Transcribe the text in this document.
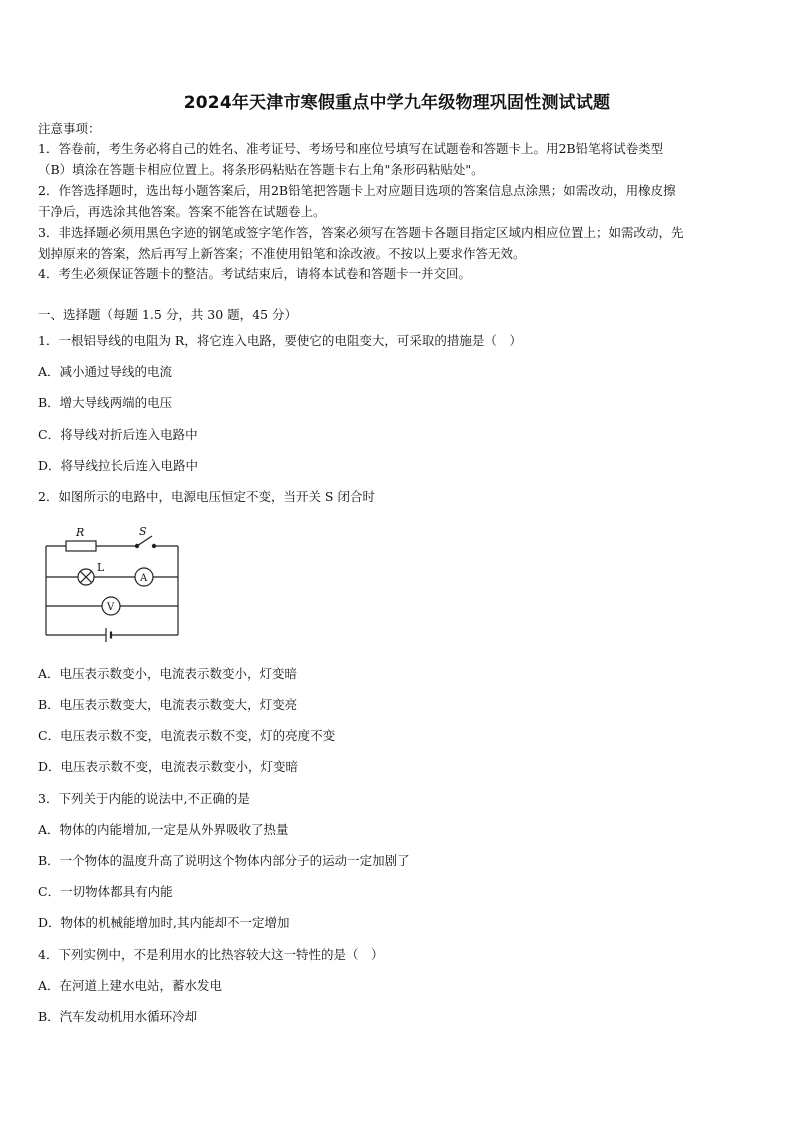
2024年天津市寒假重点中学九年级物理巩固性测试试题
注意事项：
1．答卷前，考生务必将自己的姓名、准考证号、考场号和座位号填写在试题卷和答题卡上。用2B铅笔将试卷类型
（B）填涂在答题卡相应位置上。将条形码粘贴在答题卡右上角"条形码粘贴处"。
2．作答选择题时，选出每小题答案后，用2B铅笔把答题卡上对应题目选项的答案信息点涂黑；如需改动，用橡皮擦
干净后，再选涂其他答案。答案不能答在试题卷上。
3．非选择题必须用黑色字迹的钢笔或签字笔作答，答案必须写在答题卡各题目指定区域内相应位置上；如需改动，先
划掉原来的答案，然后再写上新答案；不准使用铅笔和涂改液。不按以上要求作答无效。
4．考生必须保证答题卡的整洁。考试结束后，请将本试卷和答题卡一并交回。
一、选择题（每题 1.5 分，共 30 题，45 分）
1．一根铝导线的电阻为 R，将它连入电路，要使它的电阻变大，可采取的措施是（　）
A．减小通过导线的电流
B．增大导线两端的电压
C．将导线对折后连入电路中
D．将导线拉长后连入电路中
2．如图所示的电路中，电源电压恒定不变，当开关 S 闭合时
R	S
L
A
V
A．电压表示数变小，电流表示数变小，灯变暗
B．电压表示数变大，电流表示数变大，灯变亮
C．电压表示数不变，电流表示数不变，灯的亮度不变
D．电压表示数不变，电流表示数变小，灯变暗
3．下列关于内能的说法中,不正确的是
A．物体的内能增加,一定是从外界吸收了热量
B．一个物体的温度升高了说明这个物体内部分子的运动一定加剧了
C．一切物体都具有内能
D．物体的机械能增加时,其内能却不一定增加
4．下列实例中，不是利用水的比热容较大这一特性的是（　）
A．在河道上建水电站，蓄水发电
B．汽车发动机用水循环冷却
